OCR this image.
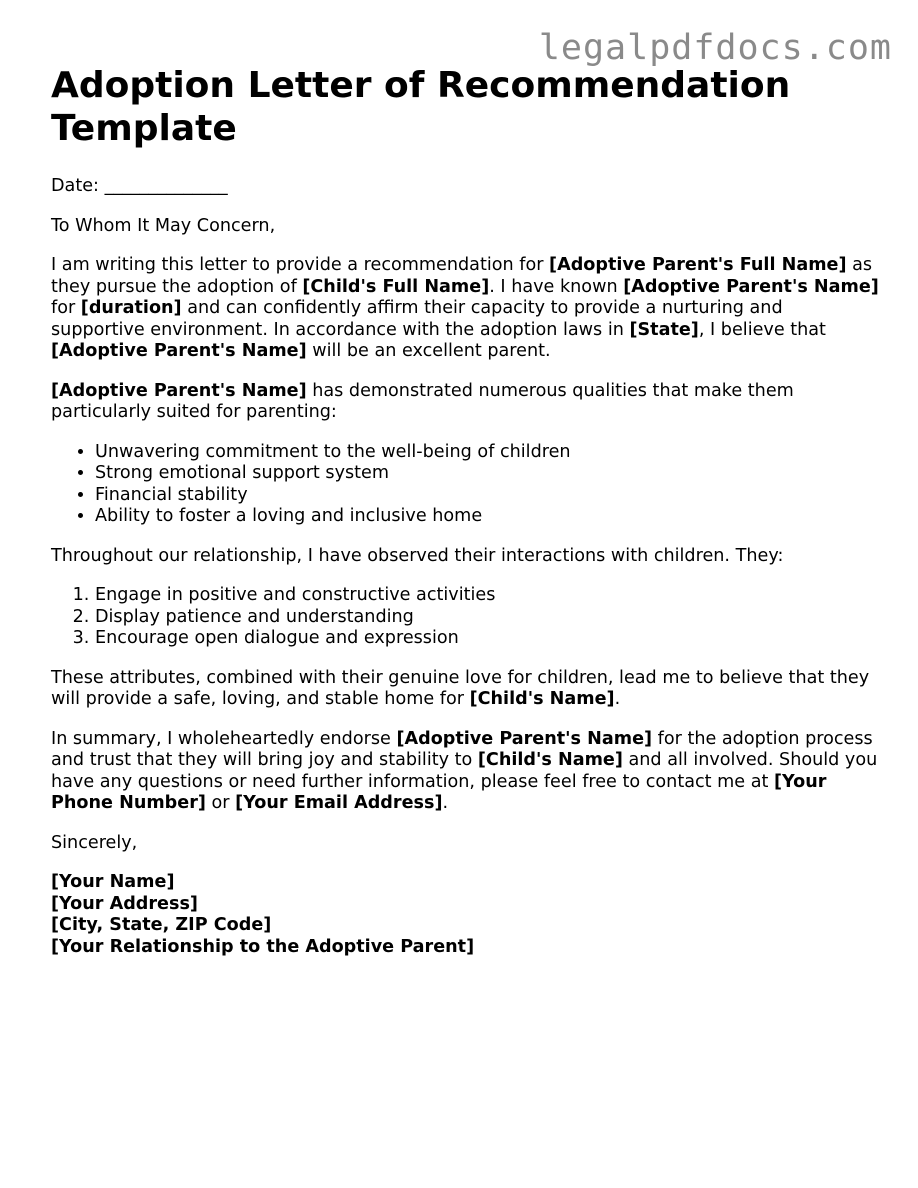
legalpdfdocs.com
Adoption Letter of Recommendation Template

Date: ______________

To Whom It May Concern,

I am writing this letter to provide a recommendation for [Adoptive Parent's Full Name] as they pursue the adoption of [Child's Full Name]. I have known [Adoptive Parent's Name] for [duration] and can confidently affirm their capacity to provide a nurturing and supportive environment. In accordance with the adoption laws in [State], I believe that [Adoptive Parent's Name] will be an excellent parent.

[Adoptive Parent's Name] has demonstrated numerous qualities that make them particularly suited for parenting:

• Unwavering commitment to the well-being of children
• Strong emotional support system
• Financial stability
• Ability to foster a loving and inclusive home

Throughout our relationship, I have observed their interactions with children. They:

1. Engage in positive and constructive activities
2. Display patience and understanding
3. Encourage open dialogue and expression

These attributes, combined with their genuine love for children, lead me to believe that they will provide a safe, loving, and stable home for [Child's Name].

In summary, I wholeheartedly endorse [Adoptive Parent's Name] for the adoption process and trust that they will bring joy and stability to [Child's Name] and all involved. Should you have any questions or need further information, please feel free to contact me at [Your Phone Number] or [Your Email Address].

Sincerely,

[Your Name]
[Your Address]
[City, State, ZIP Code]
[Your Relationship to the Adoptive Parent]
